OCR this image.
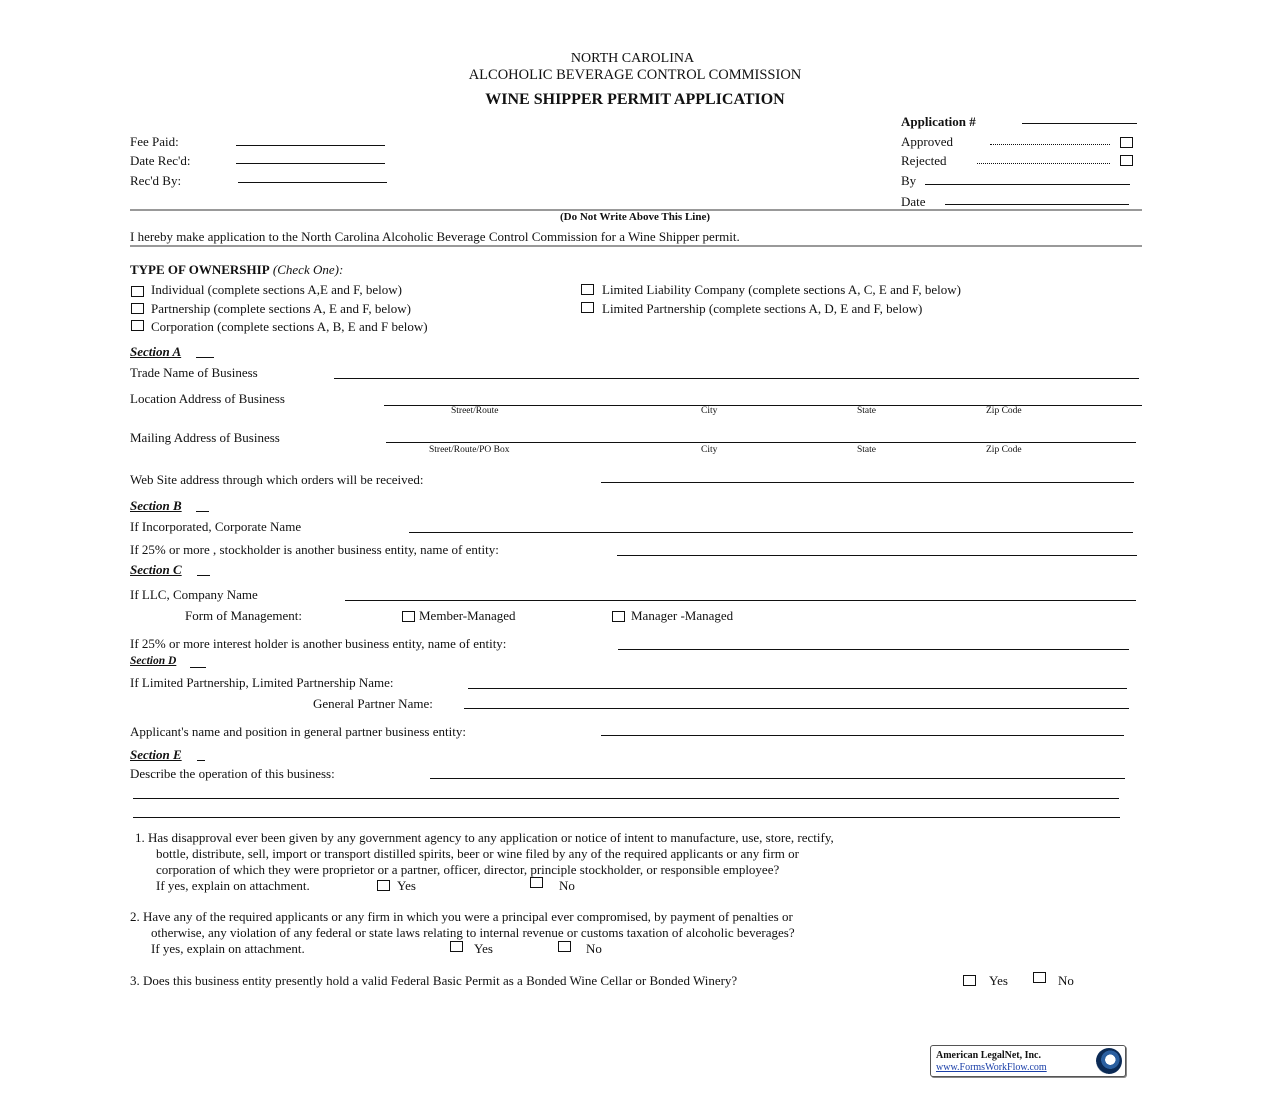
NORTH CAROLINA
ALCOHOLIC BEVERAGE CONTROL COMMISSION
WINE SHIPPER PERMIT APPLICATION
Fee Paid:
Date Rec'd:
Rec'd By:
Application #
Approved
Rejected
By
Date
(Do Not Write Above This Line)
I hereby make application to the North Carolina Alcoholic Beverage Control Commission for a Wine Shipper permit.
TYPE OF OWNERSHIP (Check One):
Individual (complete sections A,E and F, below)
Partnership (complete sections A, E and F, below)
Corporation (complete sections A, B, E and F below)
Limited Liability Company (complete sections A, C, E and F, below)
Limited Partnership (complete sections A, D, E and F, below)
Section A
Trade Name of Business
Location Address of Business
Street/Route	City	State	Zip Code
Mailing Address of Business
Street/Route/PO Box	City	State	Zip Code
Web Site address through which orders will be received:
Section B
If Incorporated, Corporate Name
If 25% or more , stockholder is another business entity, name of entity:
Section C
If LLC, Company Name
Form of Management:	Member-Managed	Manager -Managed
If 25% or more interest holder is another business entity, name of entity:
Section D
If Limited Partnership, Limited Partnership Name:
General Partner Name:
Applicant's name and position in general partner business entity:
Section E
Describe the operation of this business:
1. Has disapproval ever been given by any government agency to any application or notice of intent to manufacture, use, store, rectify,
bottle, distribute, sell, import or transport distilled spirits, beer or wine filed by any of the required applicants or any firm or
corporation of which they were proprietor or a partner, officer, director, principle stockholder, or responsible employee?
If yes, explain on attachment.	Yes	No
2. Have any of the required applicants or any firm in which you were a principal ever compromised, by payment of penalties or
otherwise, any violation of any federal or state laws relating to internal revenue or customs taxation of alcoholic beverages?
If yes, explain on attachment.	Yes	No
3. Does this business entity presently hold a valid Federal Basic Permit as a Bonded Wine Cellar or Bonded Winery?	Yes	No
American LegalNet, Inc.
www.FormsWorkFlow.com
